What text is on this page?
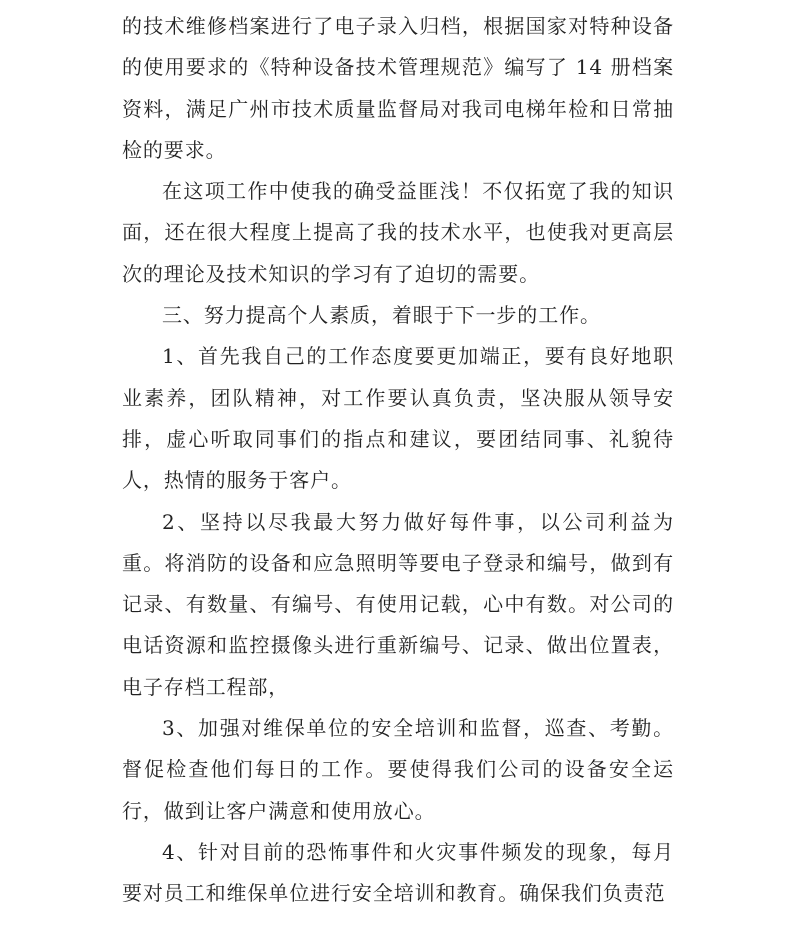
的技术维修档案进行了电子录入归档，根据国家对特种设备的使用要求的《特种设备技术管理规范》编写了 14 册档案资料，满足广州市技术质量监督局对我司电梯年检和日常抽检的要求。

在这项工作中使我的确受益匪浅！不仅拓宽了我的知识面，还在很大程度上提高了我的技术水平，也使我对更高层次的理论及技术知识的学习有了迫切的需要。

三、努力提高个人素质，着眼于下一步的工作。

1、首先我自己的工作态度要更加端正，要有良好地职业素养，团队精神，对工作要认真负责，坚决服从领导安排，虚心听取同事们的指点和建议，要团结同事、礼貌待人，热情的服务于客户。

2、坚持以尽我最大努力做好每件事，以公司利益为重。将消防的设备和应急照明等要电子登录和编号，做到有记录、有数量、有编号、有使用记载，心中有数。对公司的电话资源和监控摄像头进行重新编号、记录、做出位置表，电子存档工程部，

3、加强对维保单位的安全培训和监督，巡查、考勤。督促检查他们每日的工作。要使得我们公司的设备安全运行，做到让客户满意和使用放心。

4、针对目前的恐怖事件和火灾事件频发的现象，每月要对员工和维保单位进行安全培训和教育。确保我们负责范
